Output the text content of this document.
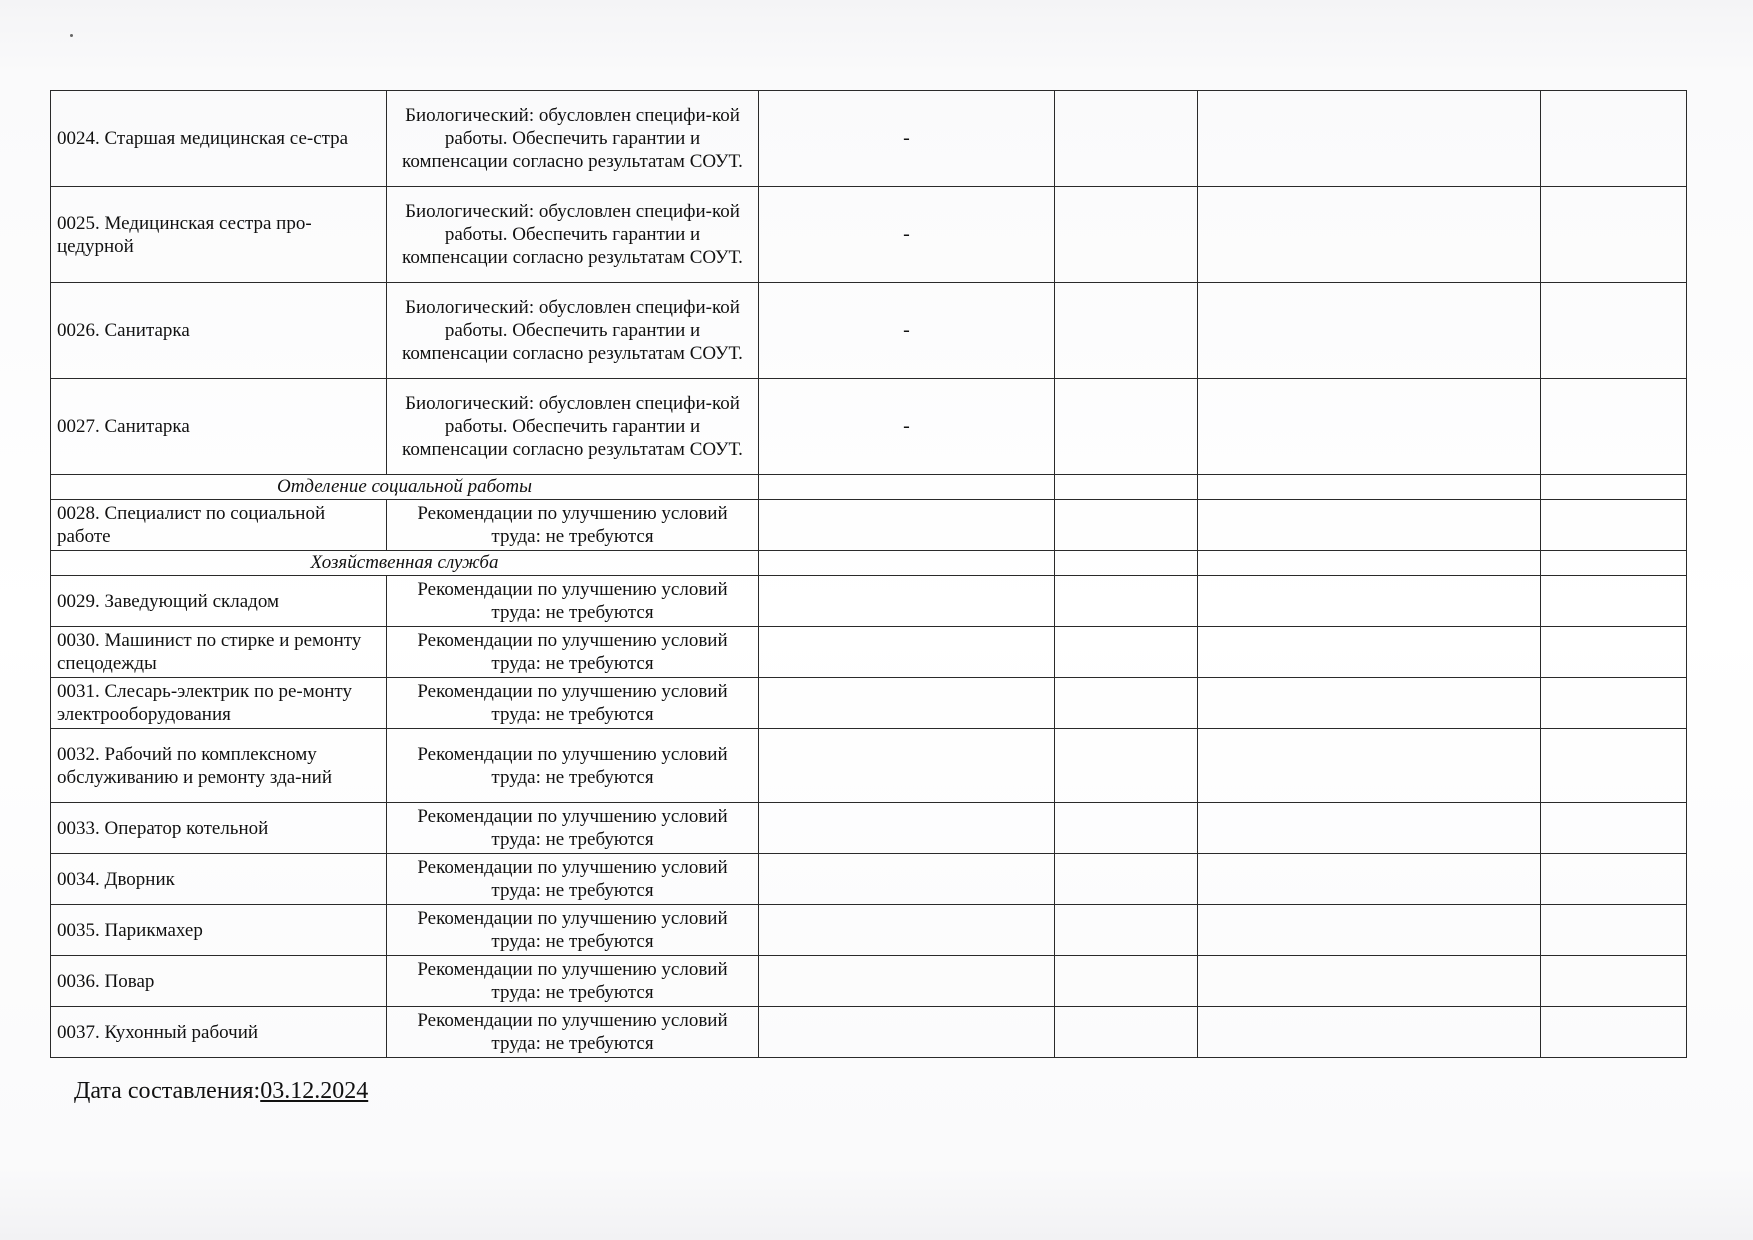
0024. Старшая медицинская се-стра	Биологический: обусловлен специфи-кой работы. Обеспечить гарантии и компенсации согласно результатам СОУТ.	-			
0025. Медицинская сестра про-цедурной	Биологический: обусловлен специфи-кой работы. Обеспечить гарантии и компенсации согласно результатам СОУТ.	-			
0026. Санитарка	Биологический: обусловлен специфи-кой работы. Обеспечить гарантии и компенсации согласно результатам СОУТ.	-			
0027. Санитарка	Биологический: обусловлен специфи-кой работы. Обеспечить гарантии и компенсации согласно результатам СОУТ.	-			
Отделение социальной работы					
0028. Специалист по социальной работе	Рекомендации по улучшению условий труда: не требуются				
Хозяйственная служба					
0029. Заведующий складом	Рекомендации по улучшению условий труда: не требуются				
0030. Машинист по стирке и ремонту спецодежды	Рекомендации по улучшению условий труда: не требуются				
0031. Слесарь-электрик по ре-монту электрооборудования	Рекомендации по улучшению условий труда: не требуются				
0032. Рабочий по комплексному обслуживанию и ремонту зда-ний	Рекомендации по улучшению условий труда: не требуются				
0033. Оператор котельной	Рекомендации по улучшению условий труда: не требуются				
0034. Дворник	Рекомендации по улучшению условий труда: не требуются				
0035. Парикмахер	Рекомендации по улучшению условий труда: не требуются				
0036. Повар	Рекомендации по улучшению условий труда: не требуются				
0037. Кухонный рабочий	Рекомендации по улучшению условий труда: не требуются				
Дата составления:03.12.2024
